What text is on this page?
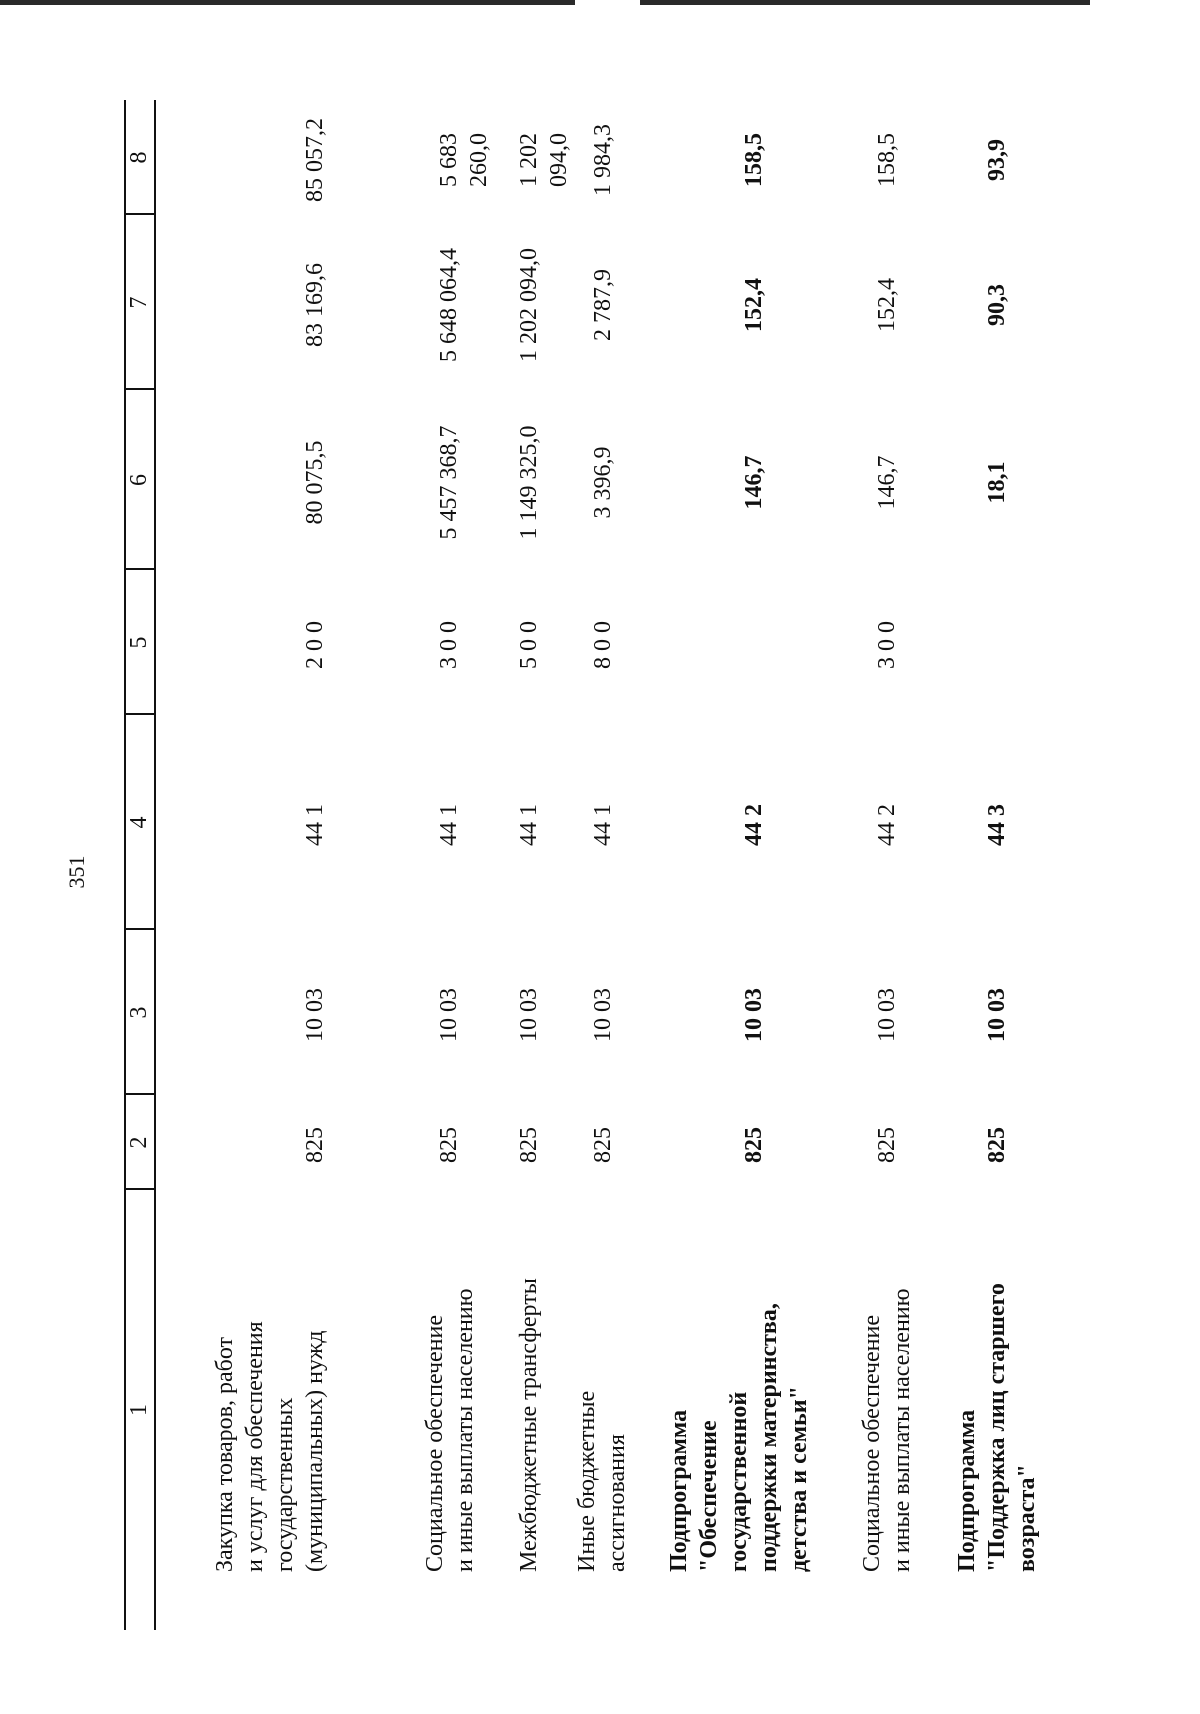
351
1
2
3
4
5
6
7
8
Закупка товаров, работ и услуг для обеспечения государственных (муниципальных) нужд
825
10 03
44 1
2 0 0
80 075,5
83 169,6
85 057,2
Социальное обеспечение и иные выплаты населению
825
10 03
44 1
3 0 0
5 457 368,7
5 648 064,4
5 683 260,0
Межбюджетные трансферты
825
10 03
44 1
5 0 0
1 149 325,0
1 202 094,0
1 202 094,0
Иные бюджетные ассигнования
825
10 03
44 1
8 0 0
3 396,9
2 787,9
1 984,3
Подпрограмма "Обеспечение государственной поддержки материнства, детства и семьи"
825
10 03
44 2
146,7
152,4
158,5
Социальное обеспечение и иные выплаты населению
825
10 03
44 2
3 0 0
146,7
152,4
158,5
Подпрограмма "Поддержка лиц старшего возраста"
825
10 03
44 3
18,1
90,3
93,9
